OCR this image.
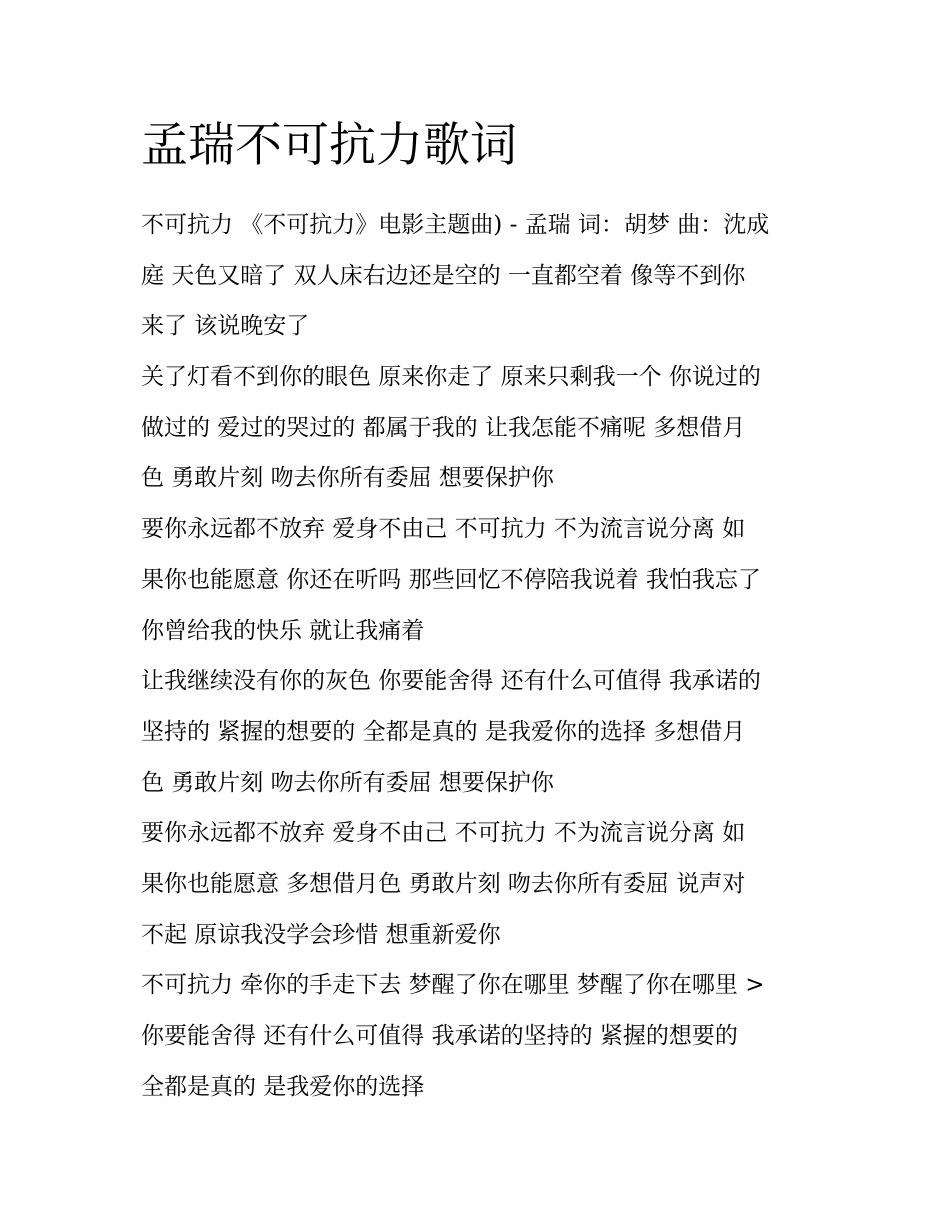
孟瑞不可抗力歌词
不可抗力 《不可抗力》电影主题曲) - 孟瑞 词：胡梦 曲：沈成
庭 天色又暗了 双人床右边还是空的 一直都空着 像等不到你
来了 该说晚安了
关了灯看不到你的眼色 原来你走了 原来只剩我一个 你说过的
做过的 爱过的哭过的 都属于我的 让我怎能不痛呢 多想借月
色 勇敢片刻 吻去你所有委屈 想要保护你
要你永远都不放弃 爱身不由己 不可抗力 不为流言说分离 如
果你也能愿意 你还在听吗 那些回忆不停陪我说着 我怕我忘了
你曾给我的快乐 就让我痛着
让我继续没有你的灰色 你要能舍得 还有什么可值得 我承诺的
坚持的 紧握的想要的 全都是真的 是我爱你的选择 多想借月
色 勇敢片刻 吻去你所有委屈 想要保护你
要你永远都不放弃 爱身不由己 不可抗力 不为流言说分离 如
果你也能愿意 多想借月色 勇敢片刻 吻去你所有委屈 说声对
不起 原谅我没学会珍惜 想重新爱你
不可抗力 牵你的手走下去 梦醒了你在哪里 梦醒了你在哪里 >
你要能舍得 还有什么可值得 我承诺的坚持的 紧握的想要的
全都是真的 是我爱你的选择
